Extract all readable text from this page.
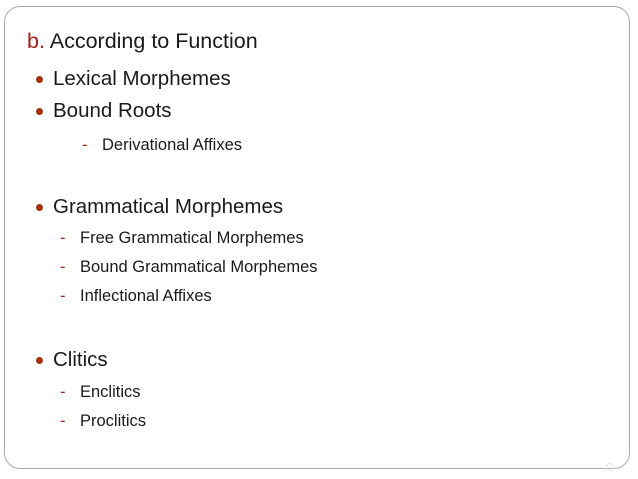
b. According to Function
Lexical Morphemes
Bound Roots
- Derivational Affixes
Grammatical Morphemes
- Free Grammatical Morphemes
- Bound Grammatical Morphemes
- Inflectional Affixes
Clitics
- Enclitics
- Proclitics
